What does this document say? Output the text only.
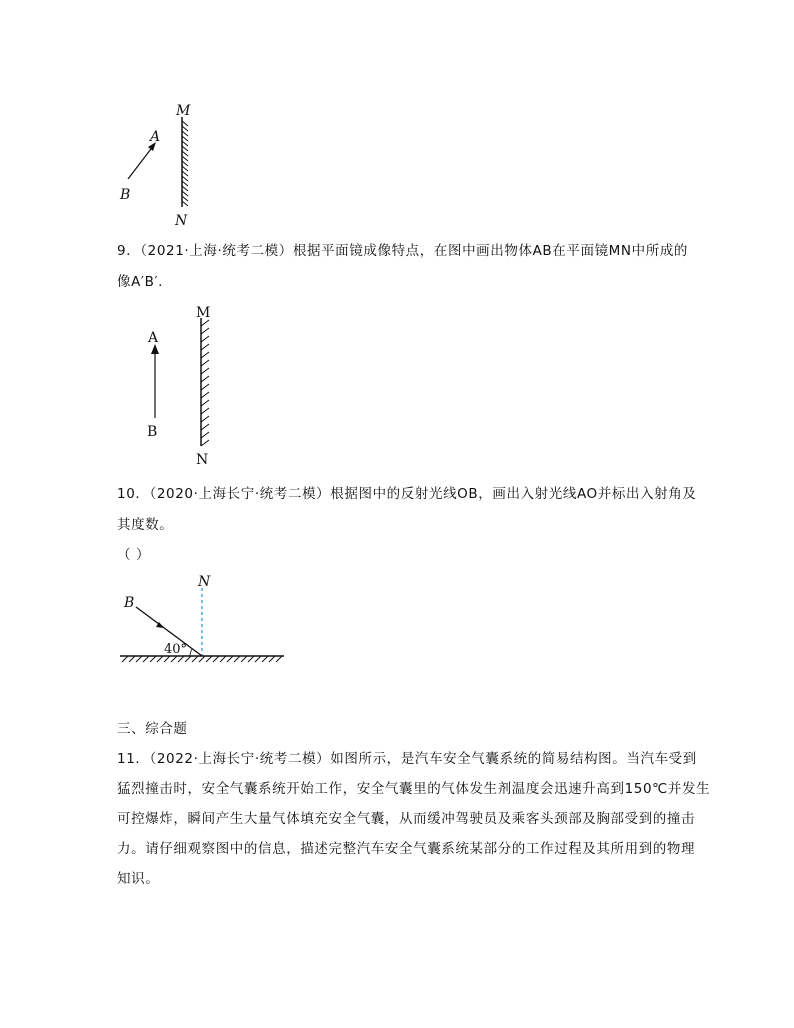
M
A
B
N
9．（2021·上海·统考二模）根据平面镜成像特点，在图中画出物体AB在平面镜MN中所成的
像A′B′.
M
A
B
N
10．（2020·上海长宁·统考二模）根据图中的反射光线OB，画出入射光线AO并标出入射角及
其度数。
（ ）
N
B
40°
三、综合题
11．（2022·上海长宁·统考二模）如图所示，是汽车安全气囊系统的简易结构图。当汽车受到
猛烈撞击时，安全气囊系统开始工作，安全气囊里的气体发生剂温度会迅速升高到150℃并发生
可控爆炸，瞬间产生大量气体填充安全气囊，从而缓冲驾驶员及乘客头颈部及胸部受到的撞击
力。请仔细观察图中的信息，描述完整汽车安全气囊系统某部分的工作过程及其所用到的物理
知识。
